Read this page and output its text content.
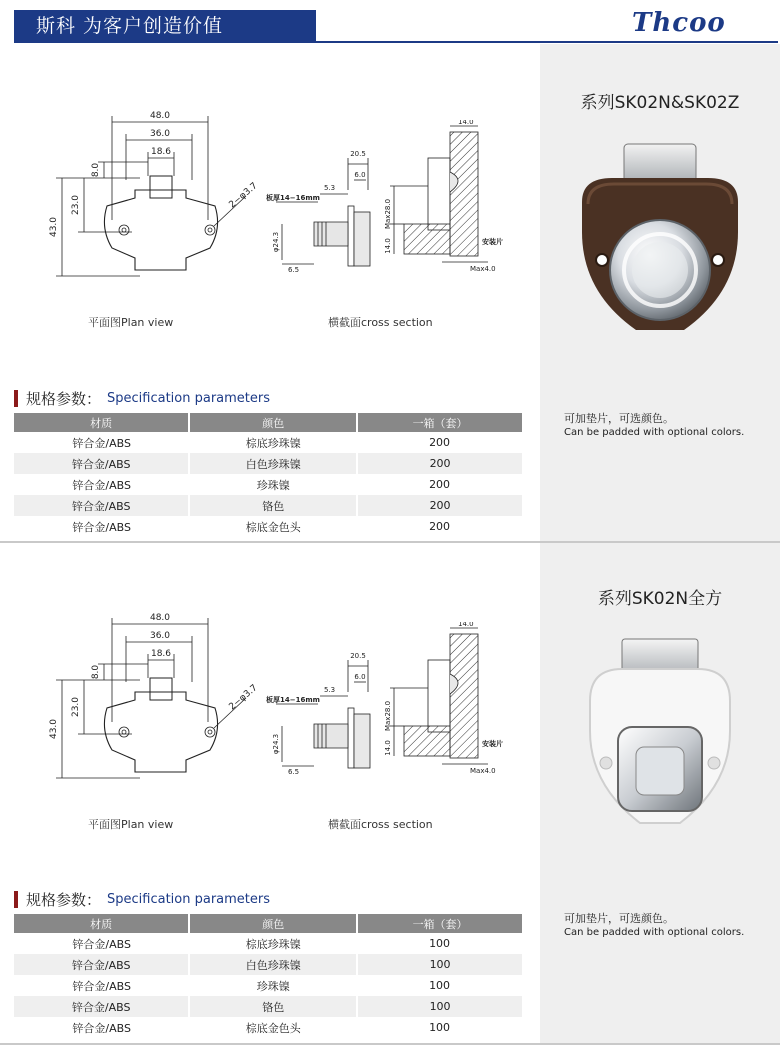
斯科 为客户创造价值	Thcoo
系列SK02N&SK02Z
可加垫片，可选颜色。
Can be padded with optional colors.
48.0
36.0
18.6
43.0
23.0
8.0
2−φ3.7
平面图Plan view
20.5
6.0
5.3
板厚14−16mm
φ24.3
6.5
14.0
Max28.0
14.0	安装片
Max4.0
横截面cross section
规格参数： Specification parameters
材质	颜色	一箱（套）
锌合金/ABS	棕底珍珠镍	200
锌合金/ABS	白色珍珠镍	200
锌合金/ABS	珍珠镍	200
锌合金/ABS	铬色	200
锌合金/ABS	棕底金色头	200
系列SK02N全方
可加垫片，可选颜色。
Can be padded with optional colors.
48.0
36.0
18.6
43.0
23.0
8.0
2−φ3.7
平面图Plan view
20.5
6.0
5.3
板厚14−16mm
φ24.3
6.5
14.0
Max28.0
14.0	安装片
Max4.0
横截面cross section
规格参数： Specification parameters
材质	颜色	一箱（套）
锌合金/ABS	棕底珍珠镍	100
锌合金/ABS	白色珍珠镍	100
锌合金/ABS	珍珠镍	100
锌合金/ABS	铬色	100
锌合金/ABS	棕底金色头	100
